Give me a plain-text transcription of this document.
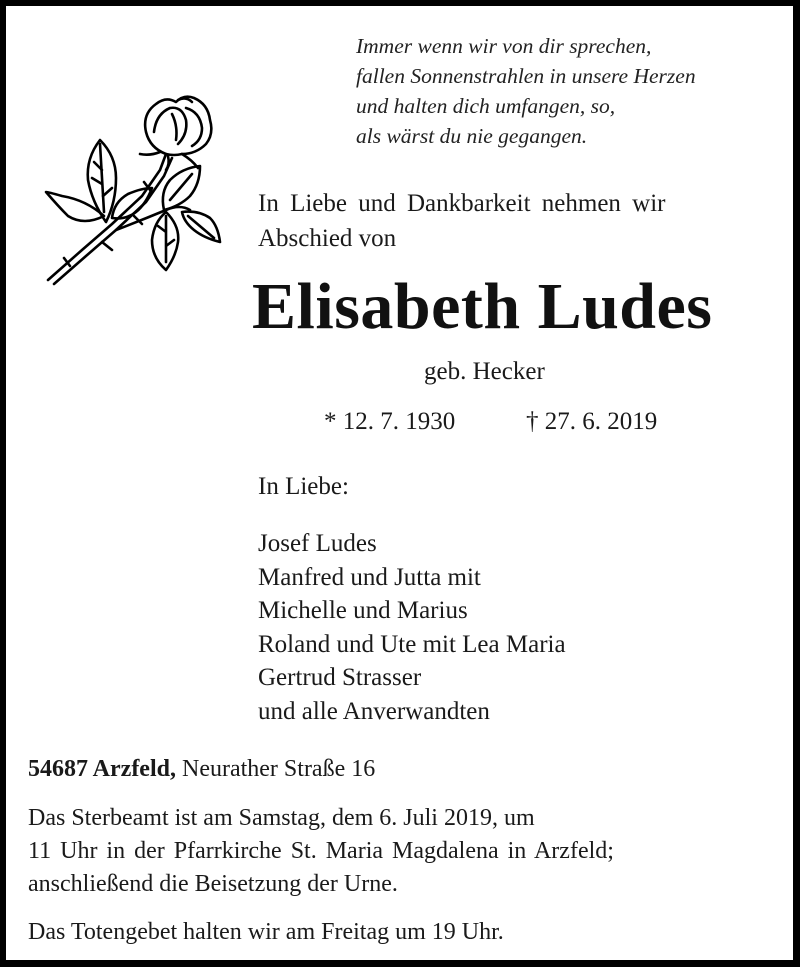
Immer wenn wir von dir sprechen,
fallen Sonnenstrahlen in unsere Herzen
und halten dich umfangen, so,
als wärst du nie gegangen.
In Liebe und Dankbarkeit nehmen wir
Abschied von
Elisabeth Ludes
geb. Hecker
* 12. 7. 1930	† 27. 6. 2019
In Liebe:
Josef Ludes
Manfred und Jutta mit
Michelle und Marius
Roland und Ute mit Lea Maria
Gertrud Strasser
und alle Anverwandten
54687 Arzfeld, Neurather Straße 16
Das Sterbeamt ist am Samstag, dem 6. Juli 2019, um
11 Uhr in der Pfarrkirche St. Maria Magdalena in Arzfeld;
anschließend die Beisetzung der Urne.
Das Totengebet halten wir am Freitag um 19 Uhr.
